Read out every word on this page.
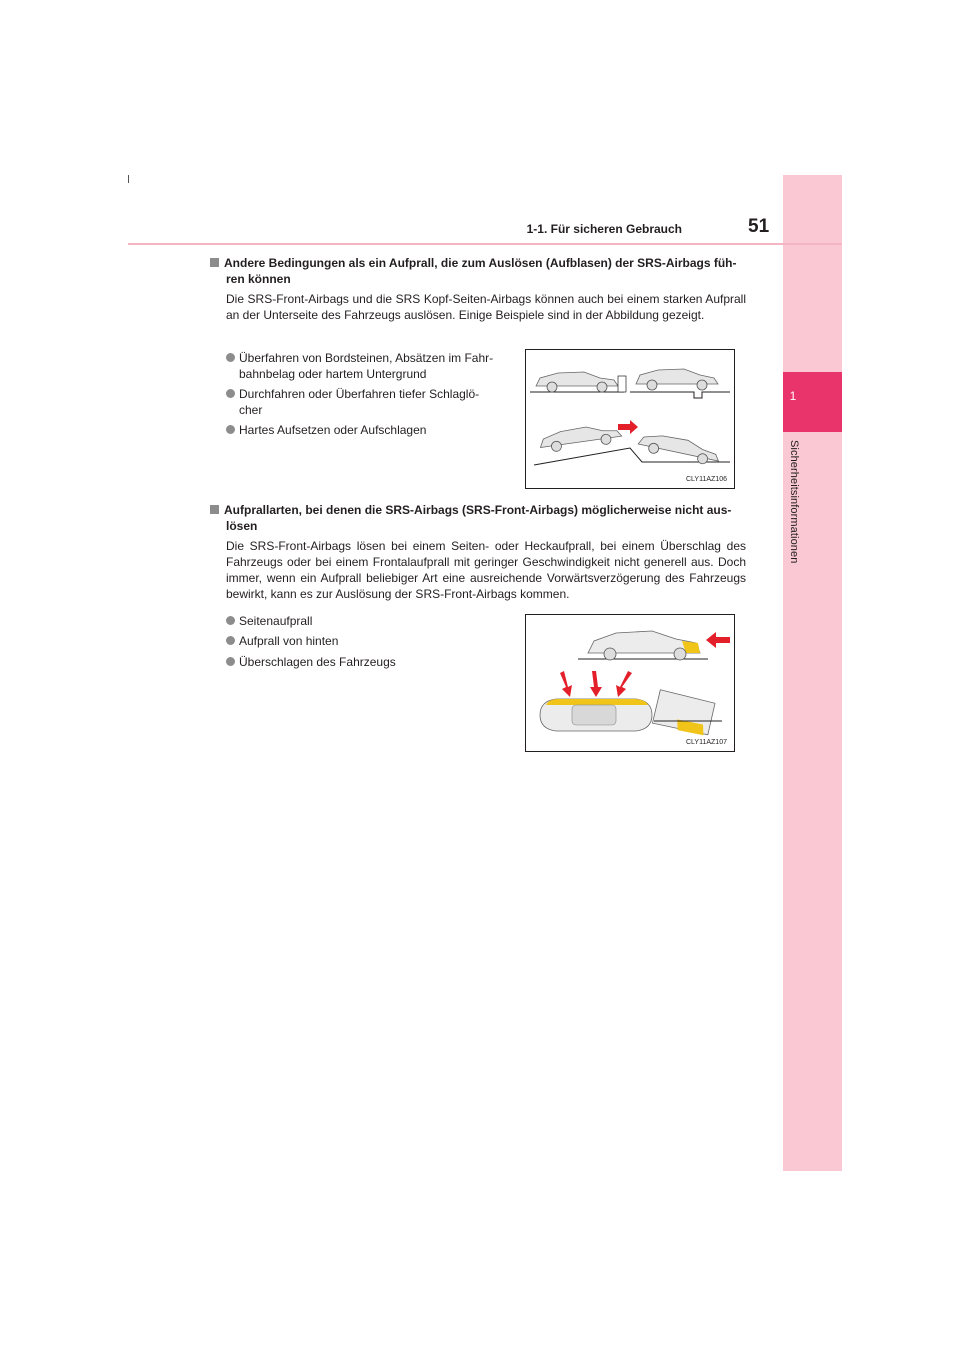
1
Sicherheitsinformationen
1-1. Für sicheren Gebrauch	51
Andere Bedingungen als ein Aufprall, die zum Auslösen (Aufblasen) der SRS-Airbags füh-
ren können
Die SRS-Front-Airbags und die SRS Kopf-Seiten-Airbags können auch bei einem starken Aufprall an der Unterseite des Fahrzeugs auslösen. Einige Beispiele sind in der Abbildung gezeigt.
Überfahren von Bordsteinen, Absätzen im Fahr-
bahnbelag oder hartem Untergrund
Durchfahren oder Überfahren tiefer Schlaglö-
cher
Hartes Aufsetzen oder Aufschlagen
CLY11AZ106
Aufprallarten, bei denen die SRS-Airbags (SRS-Front-Airbags) möglicherweise nicht aus-
lösen
Die SRS-Front-Airbags lösen bei einem Seiten- oder Heckaufprall, bei einem Überschlag des Fahrzeugs oder bei einem Frontalaufprall mit geringer Geschwindigkeit nicht generell aus. Doch immer, wenn ein Aufprall beliebiger Art eine ausreichende Vorwärtsverzögerung des Fahrzeugs bewirkt, kann es zur Auslösung der SRS-Front-Airbags kommen.
Seitenaufprall
Aufprall von hinten
Überschlagen des Fahrzeugs
CLY11AZ107
